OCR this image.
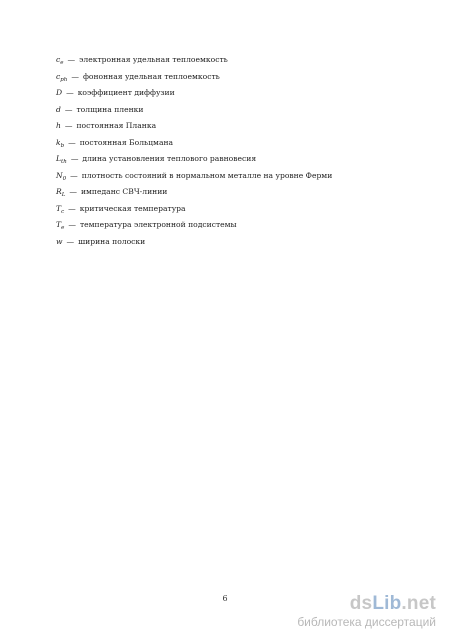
$c_e$ — электронная удельная теплоемкость
$c_{ph}$ — фононная удельная теплоемкость
D — коэффициент диффузии
d — толщина пленки
h — постоянная Планка
$k_b$ — постоянная Больцмана
$L_{th}$ — длина установления теплового равновесия
$N_0$ — плотность состояний в нормальном металле на уровне Ферми
$R_L$ — импеданс СВЧ-линии
$T_c$ — критическая температура
$T_e$ — температура электронной подсистемы
w — ширина полоски
6	dsLib.net
библиотека диссертаций
